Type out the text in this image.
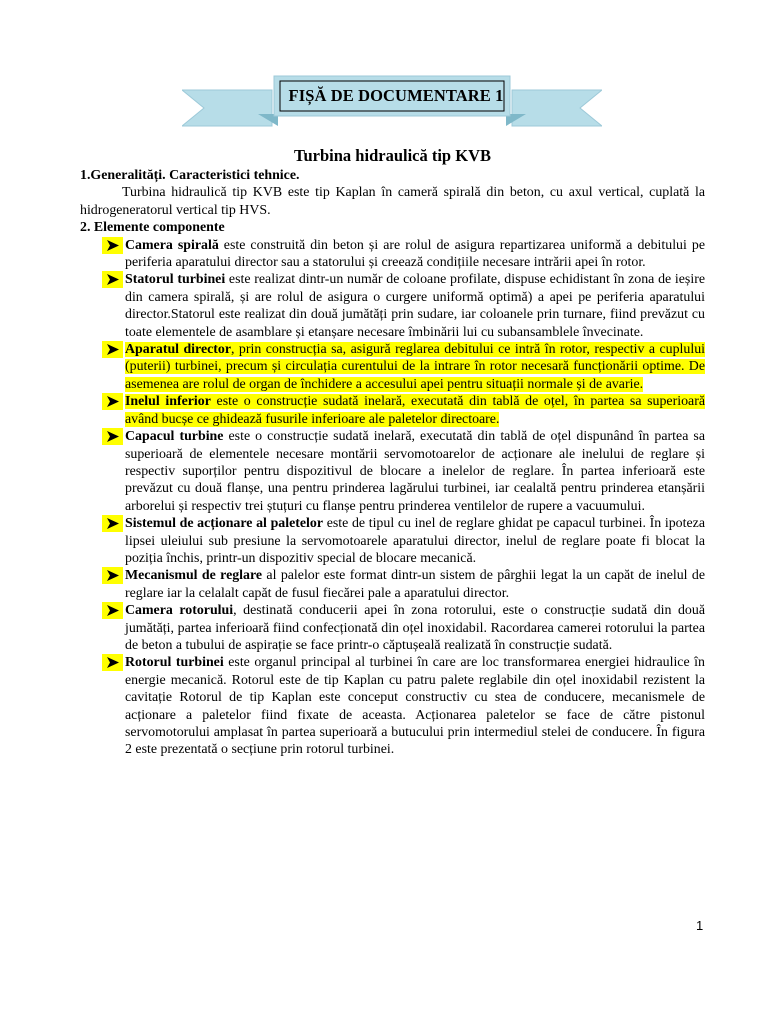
FIȘĂ DE DOCUMENTARE 1
Turbina hidraulică tip KVB
1.Generalități. Caracteristici tehnice.
Turbina hidraulică tip KVB este tip Kaplan în cameră spirală din beton, cu axul vertical, cuplată la hidrogeneratorul vertical tip HVS.
2. Elemente componente
Camera spirală este construită din beton și are rolul de asigura repartizarea uniformă a debitului pe periferia aparatului director sau a statorului și creează condițiile necesare intrării apei în rotor.
Statorul turbinei este realizat dintr-un număr de coloane profilate, dispuse echidistant în zona de ieșire din camera spirală, și are rolul de asigura o curgere uniformă optimă) a apei pe periferia aparatului director.Statorul este realizat din două jumătăți prin sudare, iar coloanele prin turnare, fiind prevăzut cu toate elementele de asamblare și etanșare necesare îmbinării lui cu subansamblele învecinate.
Aparatul director, prin construcția sa, asigură reglarea debitului ce intră în rotor, respectiv a cuplului (puterii) turbinei, precum și circulația curentului de la intrare în rotor necesară funcționării optime. De asemenea are rolul de organ de închidere a accesului apei pentru situații normale și de avarie.
Inelul inferior este o construcție sudată inelară, executată din tablă de oțel, în partea sa superioară având bucșe ce ghidează fusurile inferioare ale paletelor directoare.
Capacul turbine este o construcție sudată inelară, executată din tablă de oțel dispunând în partea sa superioară de elementele necesare montării servomotoarelor de acționare ale inelului de reglare și respectiv suporților pentru dispozitivul de blocare a inelelor de reglare. În partea inferioară este prevăzut cu două flanșe, una pentru prinderea lagărului turbinei, iar cealaltă pentru prinderea etanșării arborelui și respectiv trei ștuțuri cu flanșe pentru prinderea ventilelor de rupere a vacuumului.
Sistemul de acționare al paletelor este de tipul cu inel de reglare ghidat pe capacul turbinei. În ipoteza lipsei uleiului sub presiune la servomotoarele aparatului director, inelul de reglare poate fi blocat la poziția închis, printr-un dispozitiv special de blocare mecanică.
Mecanismul de reglare al palelor este format dintr-un sistem de pârghii legat la un capăt de inelul de reglare iar la celalalt capăt de fusul fiecărei pale a aparatului director.
Camera rotorului, destinată conducerii apei în zona rotorului, este o construcție sudată din două jumătăți, partea inferioară fiind confecționată din oțel inoxidabil. Racordarea camerei rotorului la partea de beton a tubului de aspirație se face printr-o căptușeală realizată în construcție sudată.
Rotorul turbinei este organul principal al turbinei în care are loc transformarea energiei hidraulice în energie mecanică. Rotorul este de tip Kaplan cu patru palete reglabile din oțel inoxidabil rezistent la cavitație Rotorul de tip Kaplan este conceput constructiv cu stea de conducere, mecanismele de acționare a paletelor fiind fixate de aceasta. Acționarea paletelor se face de către pistonul servomotorului amplasat în partea superioară a butucului prin intermediul stelei de conducere. În figura 2 este prezentată o secțiune prin rotorul turbinei.
1
